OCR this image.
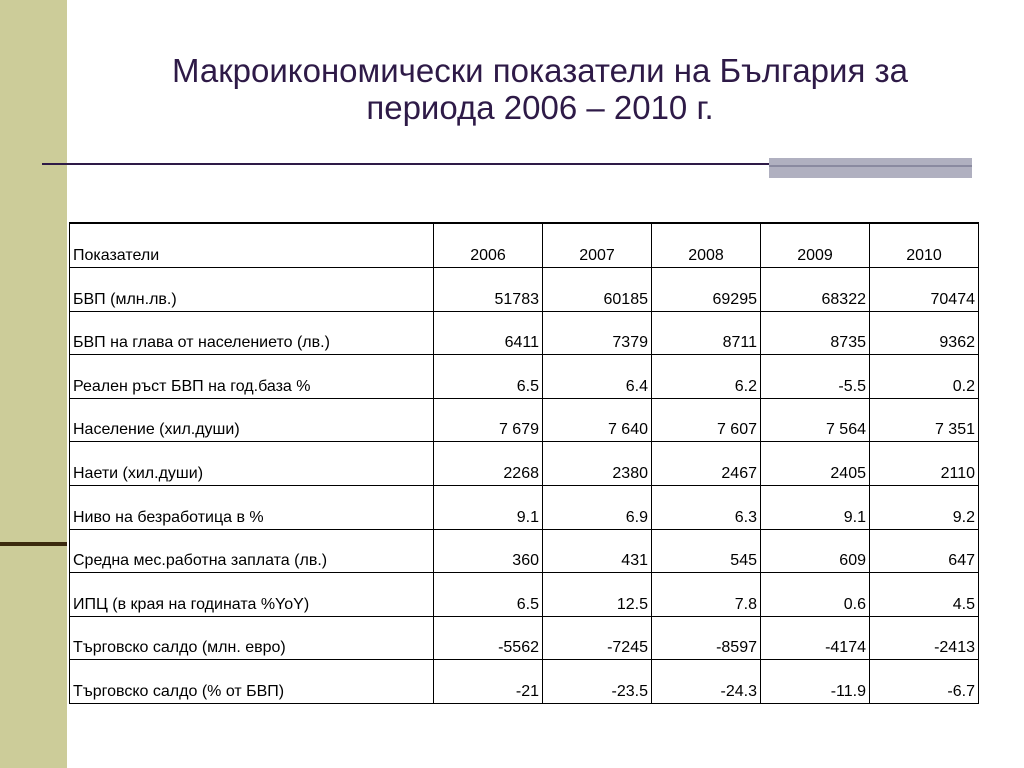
Макроикономически показатели на България за
периода 2006 – 2010 г.
Показатели	2006	2007	2008	2009	2010
БВП (млн.лв.)	51783	60185	69295	68322	70474
БВП на глава от населението (лв.)	6411	7379	8711	8735	9362
Реален ръст БВП на год.база %	6.5	6.4	6.2	-5.5	0.2
Население (хил.души)	7 679	7 640	7 607	7 564	7 351
Наети (хил.души)	2268	2380	2467	2405	2110
Ниво на безработица в %	9.1	6.9	6.3	9.1	9.2
Средна мес.работна заплата (лв.)	360	431	545	609	647
ИПЦ (в края на годината %YoY)	6.5	12.5	7.8	0.6	4.5
Търговско салдо (млн. евро)	-5562	-7245	-8597	-4174	-2413
Търговско салдо (% от БВП)	-21	-23.5	-24.3	-11.9	-6.7
